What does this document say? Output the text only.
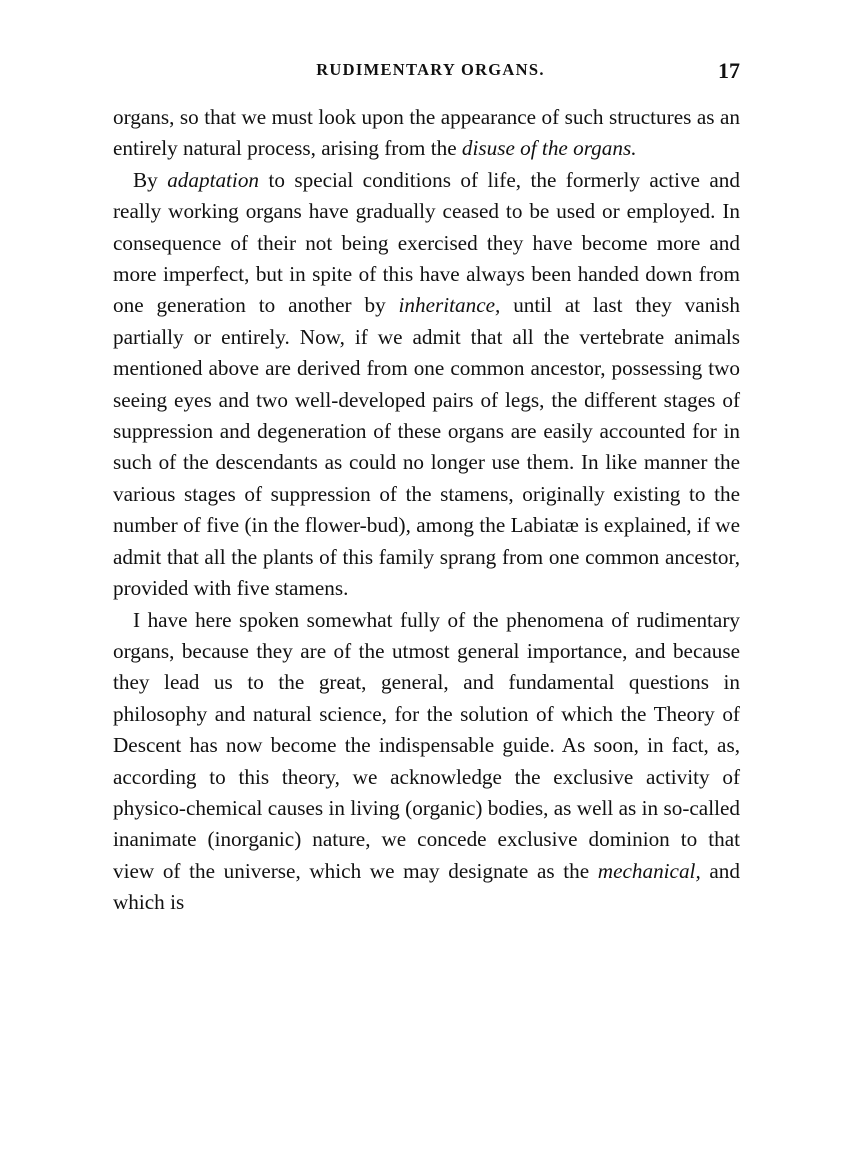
RUDIMENTARY ORGANS.	17

organs, so that we must look upon the appearance of such structures as an entirely natural process, arising from the disuse of the organs.

By adaptation to special conditions of life, the formerly active and really working organs have gradually ceased to be used or employed. In consequence of their not being exercised they have become more and more imperfect, but in spite of this have always been handed down from one generation to another by inheritance, until at last they vanish partially or entirely. Now, if we admit that all the vertebrate animals mentioned above are derived from one common ancestor, possessing two seeing eyes and two well-developed pairs of legs, the different stages of suppression and degeneration of these organs are easily accounted for in such of the descendants as could no longer use them. In like manner the various stages of suppression of the stamens, originally existing to the number of five (in the flower-bud), among the Labiatæ is explained, if we admit that all the plants of this family sprang from one common ancestor, provided with five stamens.

I have here spoken somewhat fully of the phenomena of rudimentary organs, because they are of the utmost general importance, and because they lead us to the great, general, and fundamental questions in philosophy and natural science, for the solution of which the Theory of Descent has now become the indispensable guide. As soon, in fact, as, according to this theory, we acknowledge the exclusive activity of physico-chemical causes in living (organic) bodies, as well as in so-called inanimate (inorganic) nature, we concede exclusive dominion to that view of the universe, which we may designate as the mechanical, and which is
